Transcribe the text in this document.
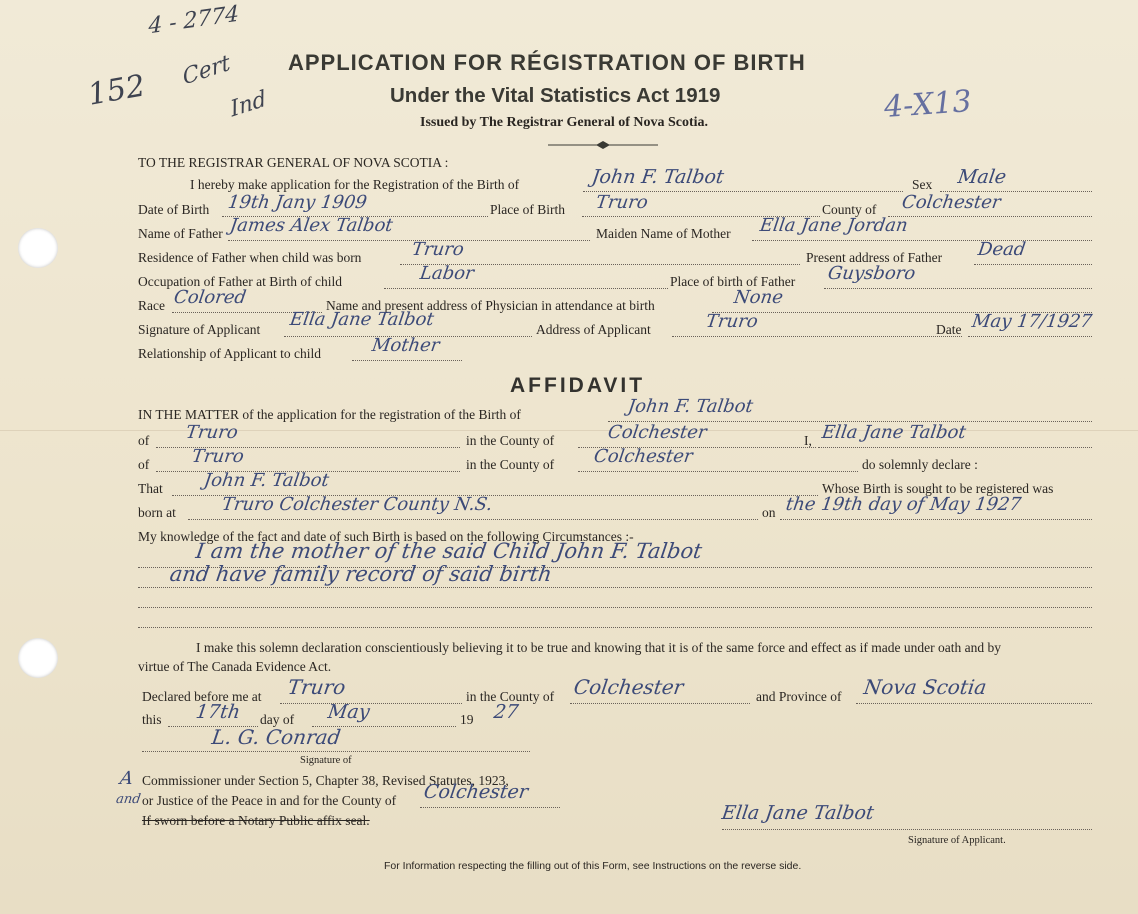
4 - 2774
152 Cert
Ind	4-X13
APPLICATION FOR RÉGISTRATION OF BIRTH
Under the Vital Statistics Act 1919
Issued by The Registrar General of Nova Scotia.
TO THE REGISTRAR GENERAL OF NOVA SCOTIA :
I hereby make application for the Registration of the Birth of	John F. Talbot	Sex Male
Date of Birth 19th Jany 1909	Place of Birth Truro	County of Colchester
Name of Father James Alex Talbot	Maiden Name of Mother Ella Jane Jordan
Residence of Father when child was born	Truro	Present address of Father Dead
Occupation of Father at Birth of child	Labor	Place of birth of Father Guysboro
Race Colored	Name and present address of Physician in attendance at birth	None
Signature of Applicant Ella Jane Talbot	Address of Applicant	Truro	Date May 17/1927
Relationship of Applicant to child	Mother
AFFIDAVIT
IN THE MATTER of the application for the registration of the Birth of	John F. Talbot
of Truro	in the County of	Colchester	I, Ella Jane Talbot
of Truro	in the County of Colchester	do solemnly declare :
That John F. Talbot	Whose Birth is sought to be registered was
born at Truro Colchester County N.S.	on the 19th day of May 1927
My knowledge of the fact and date of such Birth is based on the following Circumstances :-
I am the mother of the said Child John F. Talbot
and have family record of said birth
I make this solemn declaration conscientiously believing it to be true and knowing that it is of the same force and effect as if made under oath and by
virtue of The Canada Evidence Act.
Declared before me at Truro	in the County of Colchester	and Province of Nova Scotia
this 17th day of May	19 27
L. G. Conrad
Signature of
A Commissioner under Section 5, Chapter 38, Revised Statutes, 1923,
and or Justice of the Peace in and for the County of Colchester
If sworn before a Notary Public affix seal.	Ella Jane Talbot
Signature of Applicant.
For Information respecting the filling out of this Form, see Instructions on the reverse side.
